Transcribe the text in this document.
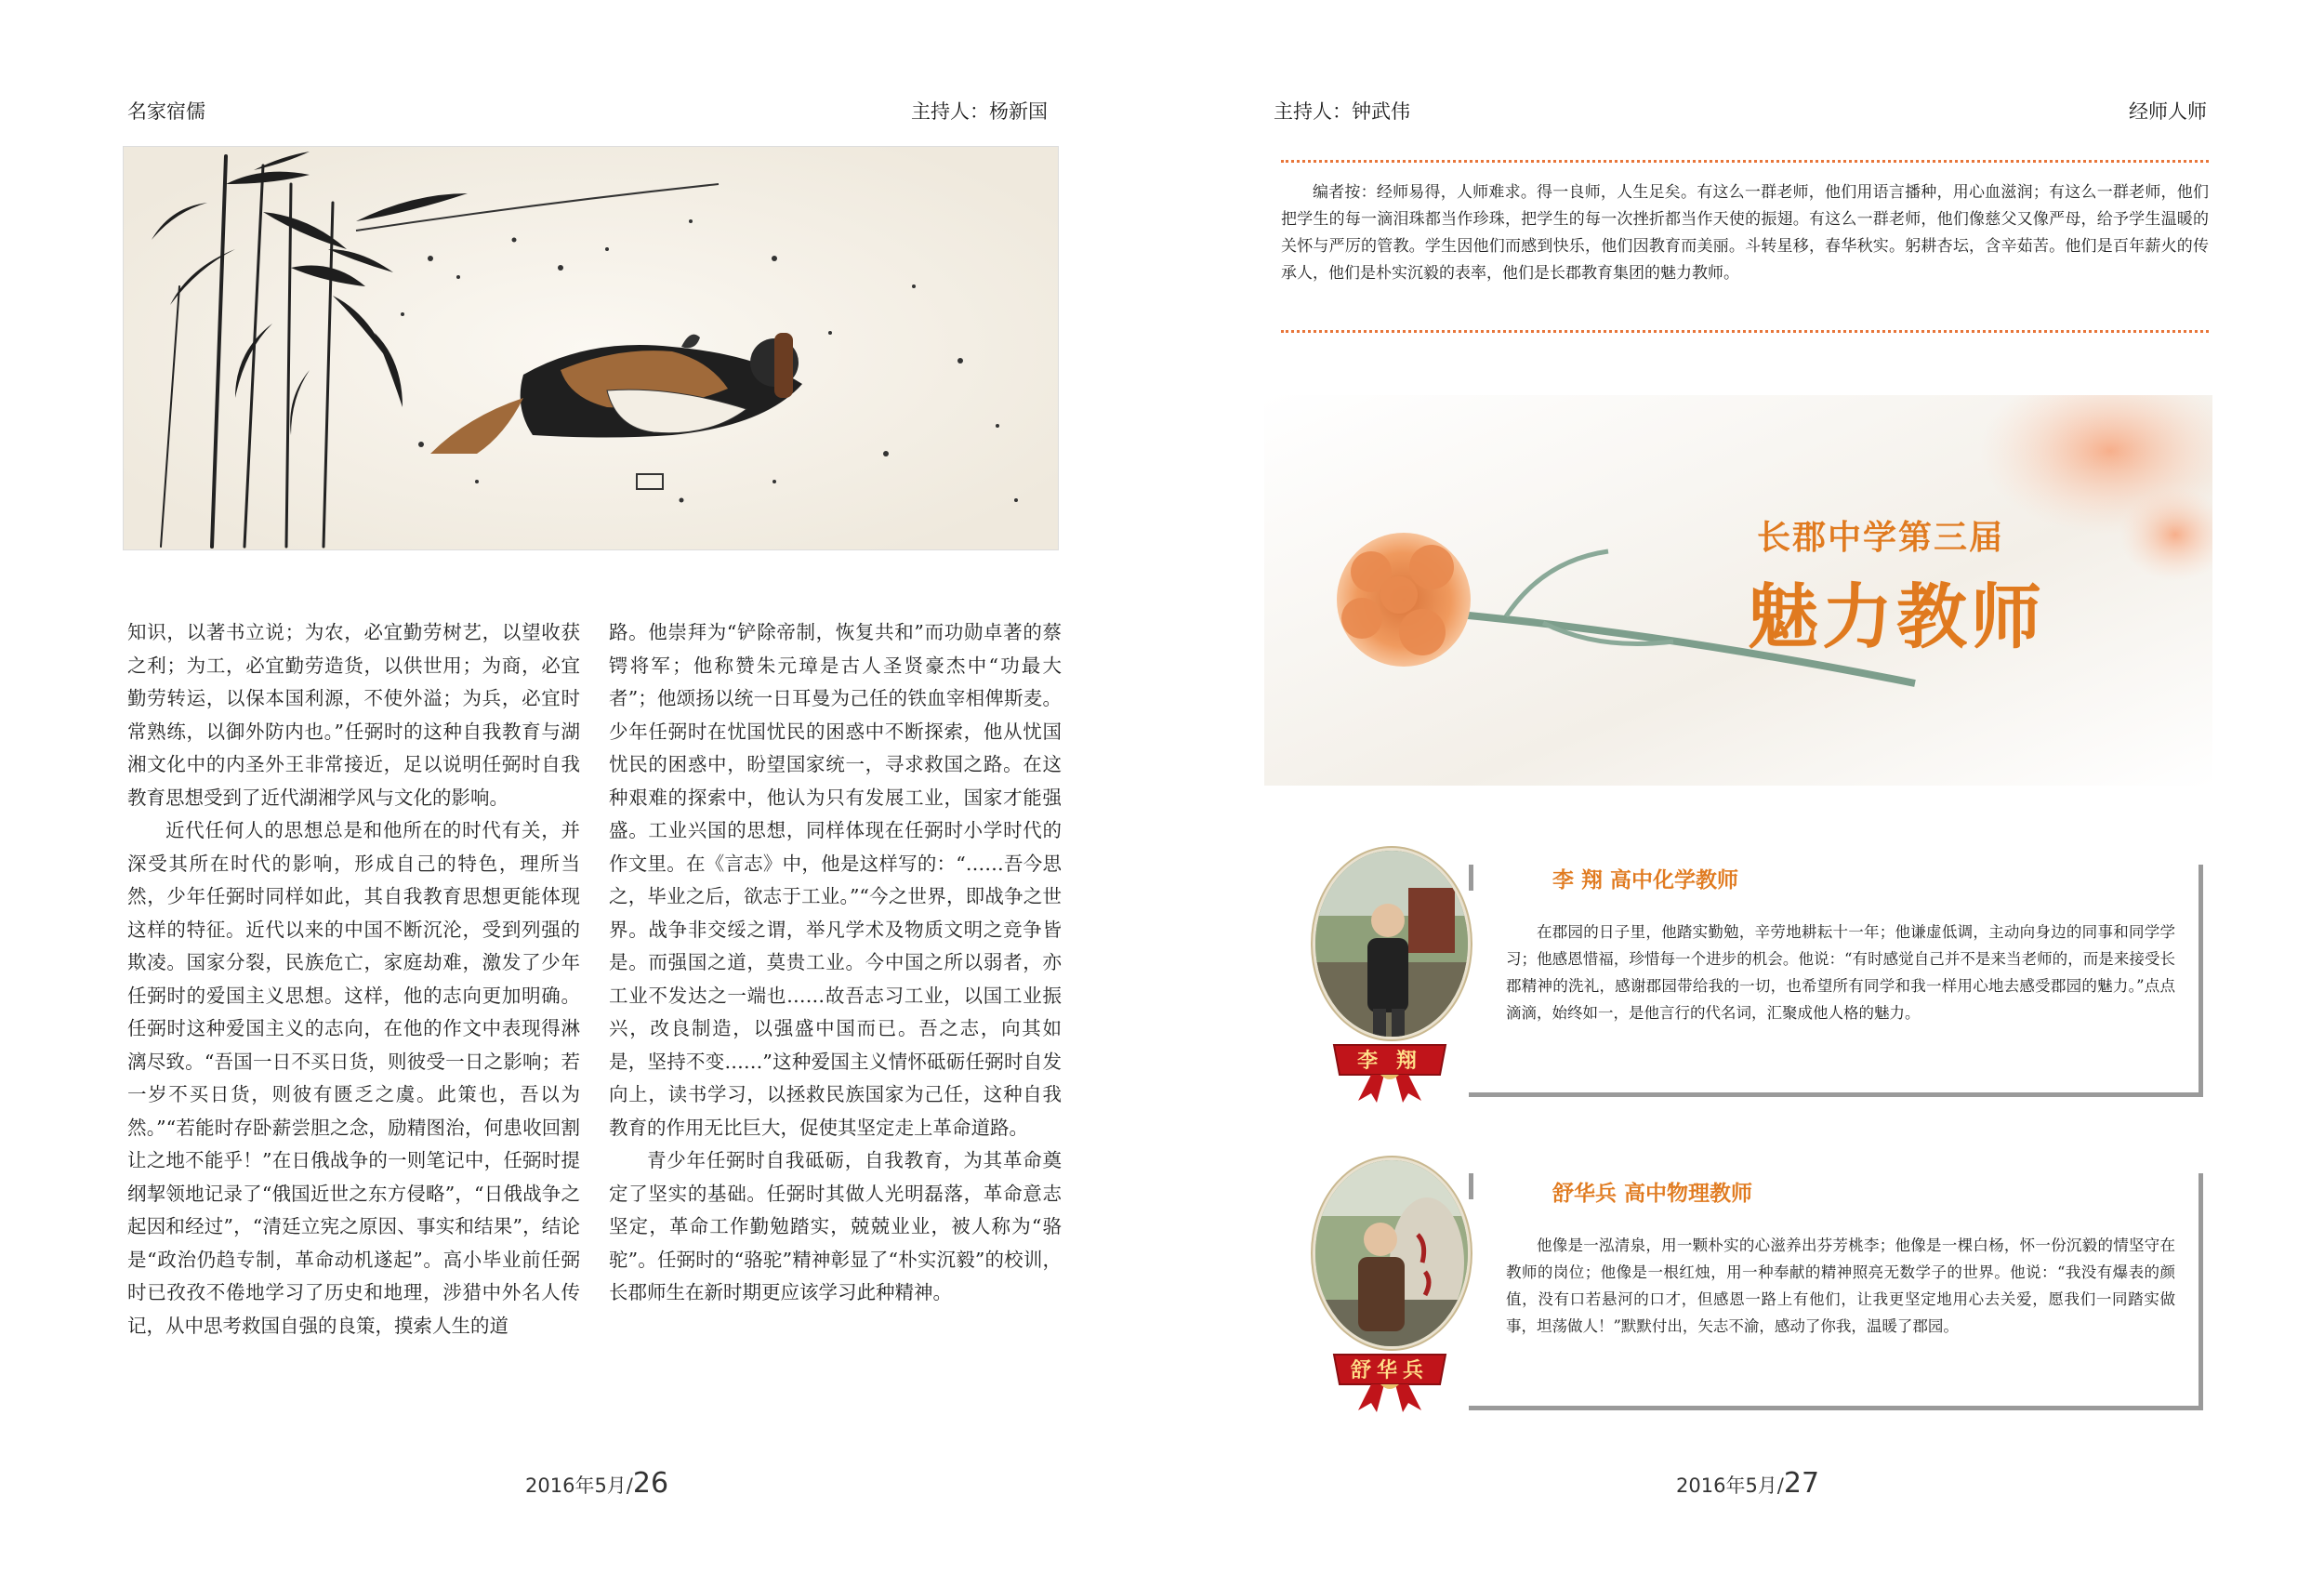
名家宿儒	主持人：杨新国

知识，以著书立说；为农，必宜勤劳树艺，以望收获之利；为工，必宜勤劳造货，以供世用；为商，必宜勤劳转运，以保本国利源，不使外溢；为兵，必宜时常熟练，以御外防内也。”任弼时的这种自我教育与湖湘文化中的内圣外王非常接近，足以说明任弼时自我教育思想受到了近代湖湘学风与文化的影响。

近代任何人的思想总是和他所在的时代有关，并深受其所在时代的影响，形成自己的特色，理所当然，少年任弼时同样如此，其自我教育思想更能体现这样的特征。近代以来的中国不断沉沦，受到列强的欺凌。国家分裂，民族危亡，家庭劫难，激发了少年任弼时的爱国主义思想。这样，他的志向更加明确。任弼时这种爱国主义的志向，在他的作文中表现得淋漓尽致。“吾国一日不买日货，则彼受一日之影响；若一岁不买日货，则彼有匮乏之虞。此策也，吾以为然。”“若能时存卧薪尝胆之念，励精图治，何患收回割让之地不能乎！”在日俄战争的一则笔记中，任弼时提纲挈领地记录了“俄国近世之东方侵略”，“日俄战争之起因和经过”，“清廷立宪之原因、事实和结果”，结论是“政治仍趋专制，革命动机遂起”。高小毕业前任弼时已孜孜不倦地学习了历史和地理，涉猎中外名人传记，从中思考救国自强的良策，摸索人生的道

路。他崇拜为“铲除帝制，恢复共和”而功勋卓著的蔡锷将军；他称赞朱元璋是古人圣贤豪杰中“功最大者”；他颂扬以统一日耳曼为己任的铁血宰相俾斯麦。少年任弼时在忧国忧民的困惑中不断探索，他从忧国忧民的困惑中，盼望国家统一，寻求救国之路。在这种艰难的探索中，他认为只有发展工业，国家才能强盛。工业兴国的思想，同样体现在任弼时小学时代的作文里。在《言志》中，他是这样写的：“……吾今思之，毕业之后，欲志于工业。”“今之世界，即战争之世界。战争非交绥之谓，举凡学术及物质文明之竞争皆是。而强国之道，莫贵工业。今中国之所以弱者，亦工业不发达之一端也……故吾志习工业，以国工业振兴，改良制造，以强盛中国而已。吾之志，向其如是，坚持不变……”这种爱国主义情怀砥砺任弼时自发向上，读书学习，以拯救民族国家为己任，这种自我教育的作用无比巨大，促使其坚定走上革命道路。

青少年任弼时自我砥砺，自我教育，为其革命奠定了坚实的基础。任弼时其做人光明磊落，革命意志坚定，革命工作勤勉踏实，兢兢业业，被人称为“骆驼”。任弼时的“骆驼”精神彰显了“朴实沉毅”的校训，长郡师生在新时期更应该学习此种精神。

2016年5月/26
主持人：钟武伟	经师人师

编者按：经师易得，人师难求。得一良师，人生足矣。有这么一群老师，他们用语言播种，用心血滋润；有这么一群老师，他们把学生的每一滴泪珠都当作珍珠，把学生的每一次挫折都当作天使的振翅。有这么一群老师，他们像慈父又像严母，给予学生温暖的关怀与严厉的管教。学生因他们而感到快乐，他们因教育而美丽。斗转星移，春华秋实。躬耕杏坛，含辛茹苦。他们是百年薪火的传承人，他们是朴实沉毅的表率，他们是长郡教育集团的魅力教师。

长郡中学第三届
魅力教师
李 翔 高中化学教师

在郡园的日子里，他踏实勤勉，辛劳地耕耘十一年；他谦虚低调，主动向身边的同事和同学学习；他感恩惜福，珍惜每一个进步的机会。他说：“有时感觉自己并不是来当老师的，而是来接受长郡精神的洗礼，感谢郡园带给我的一切，也希望所有同学和我一样用心地去感受郡园的魅力。”点点滴滴，始终如一，是他言行的代名词，汇聚成他人格的魅力。

李 翔
舒华兵 高中物理教师

他像是一泓清泉，用一颗朴实的心滋养出芬芳桃李；他像是一棵白杨，怀一份沉毅的情坚守在教师的岗位；他像是一根红烛，用一种奉献的精神照亮无数学子的世界。他说：“我没有爆表的颜值，没有口若悬河的口才，但感恩一路上有他们，让我更坚定地用心去关爱，愿我们一同踏实做事，坦荡做人！”默默付出，矢志不渝，感动了你我，温暖了郡园。

舒华兵
2016年5月/27
